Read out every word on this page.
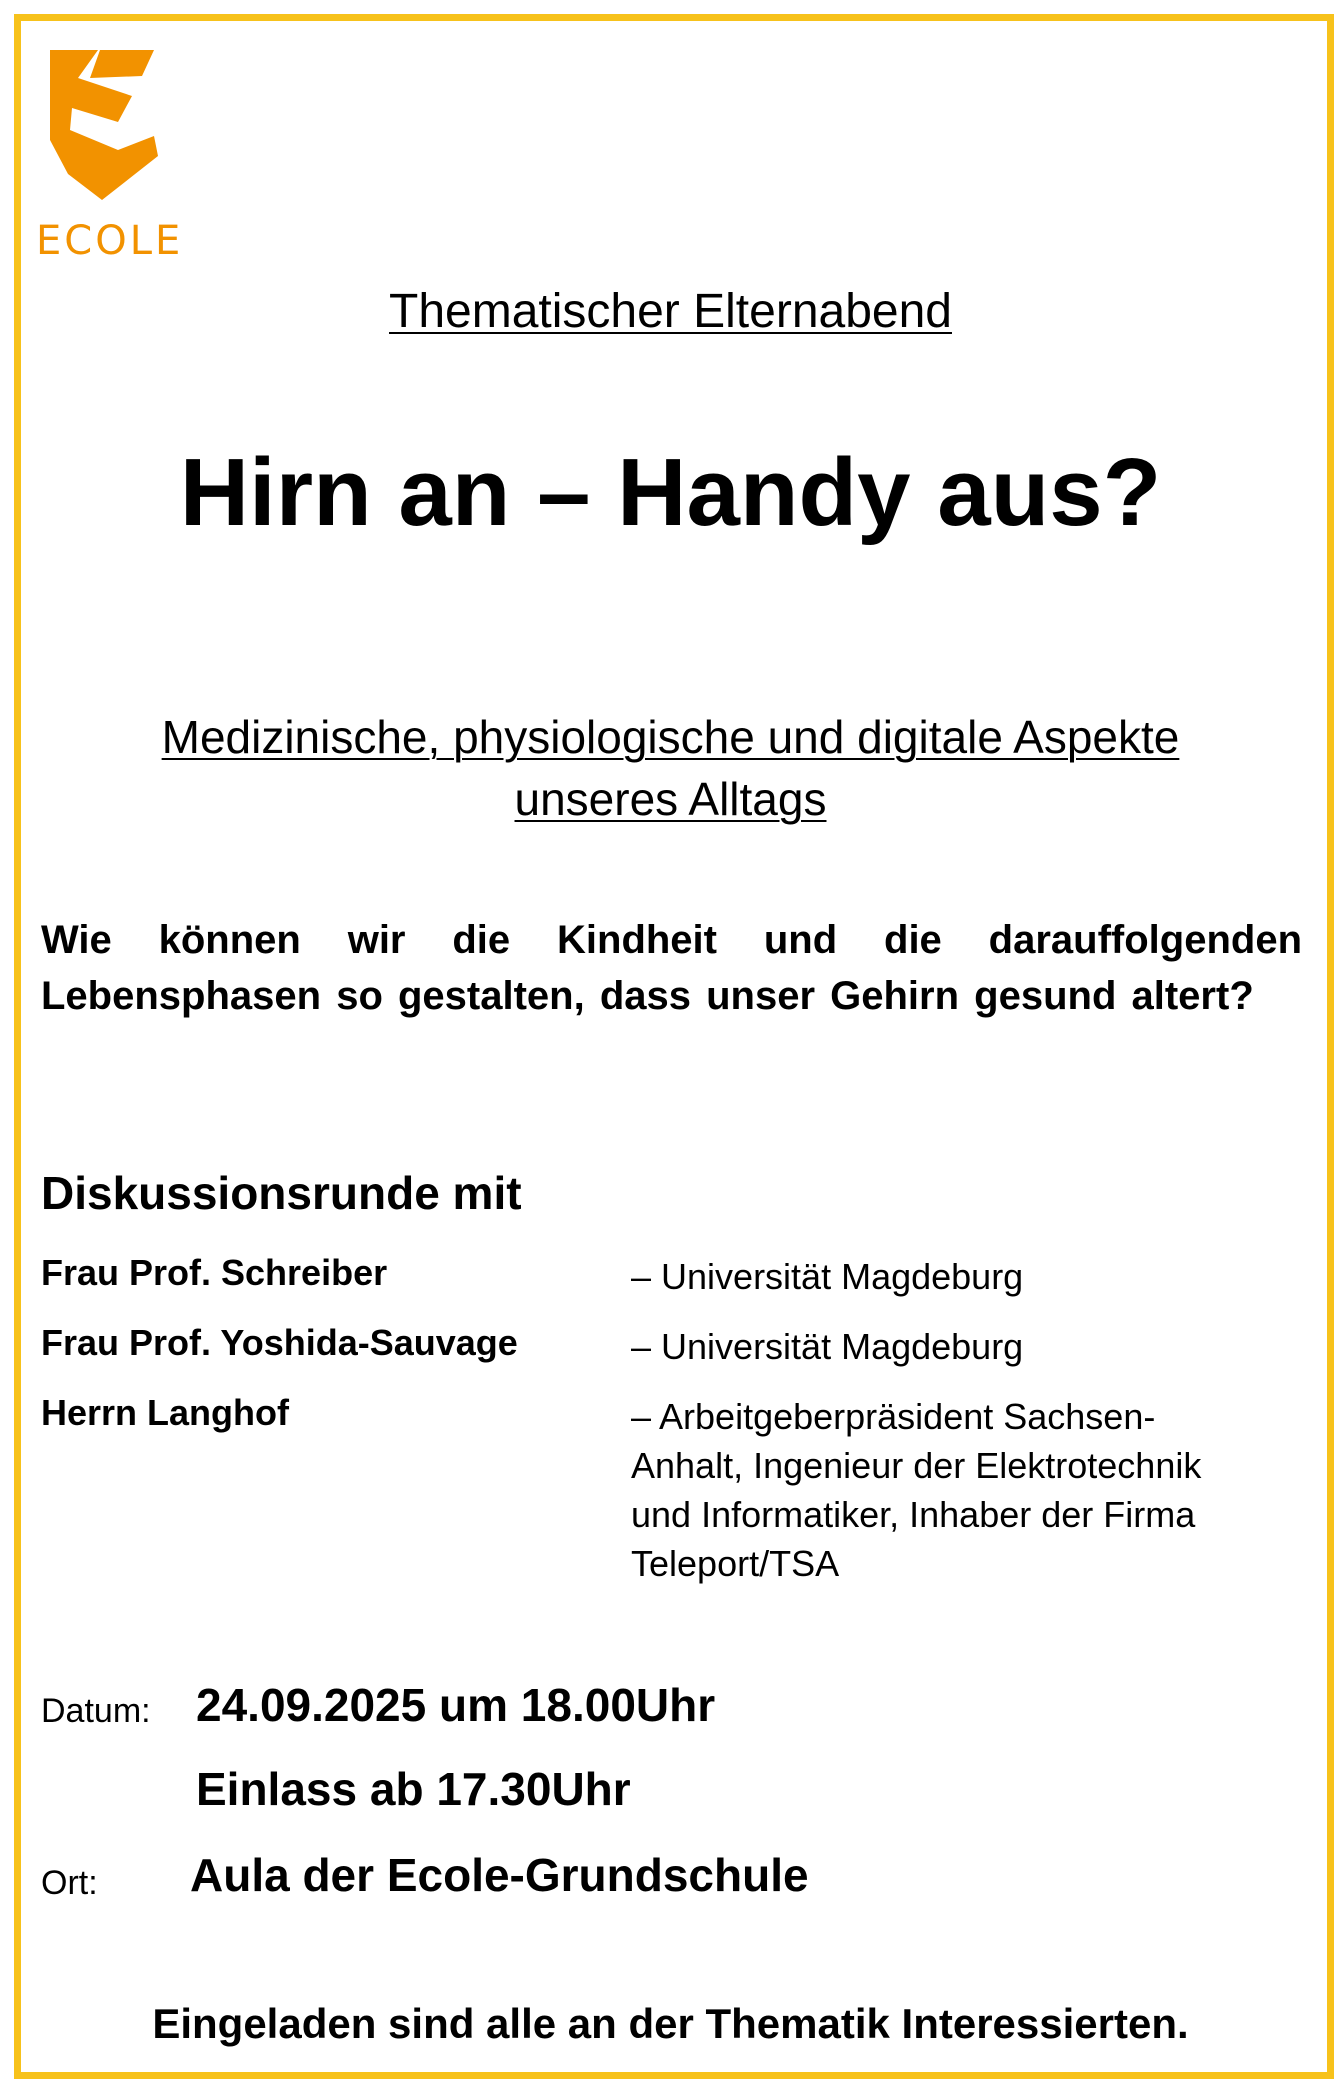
ECOLE
Thematischer Elternabend
Hirn an – Handy aus?
Medizinische, physiologische und digitale Aspekte
unseres Alltags
Wie können wir die Kindheit und die darauffolgenden Lebensphasen so gestalten, dass unser Gehirn gesund altert?
Diskussionsrunde mit
Frau Prof. Schreiber	– Universität Magdeburg
Frau Prof. Yoshida-Sauvage	– Universität Magdeburg
Herrn Langhof	– Arbeitgeberpräsident Sachsen-Anhalt, Ingenieur der Elektrotechnik und Informatiker, Inhaber der Firma Teleport/TSA
Datum: 24.09.2025 um 18.00Uhr
Einlass ab 17.30Uhr
Ort: Aula der Ecole-Grundschule
Eingeladen sind alle an der Thematik Interessierten.
